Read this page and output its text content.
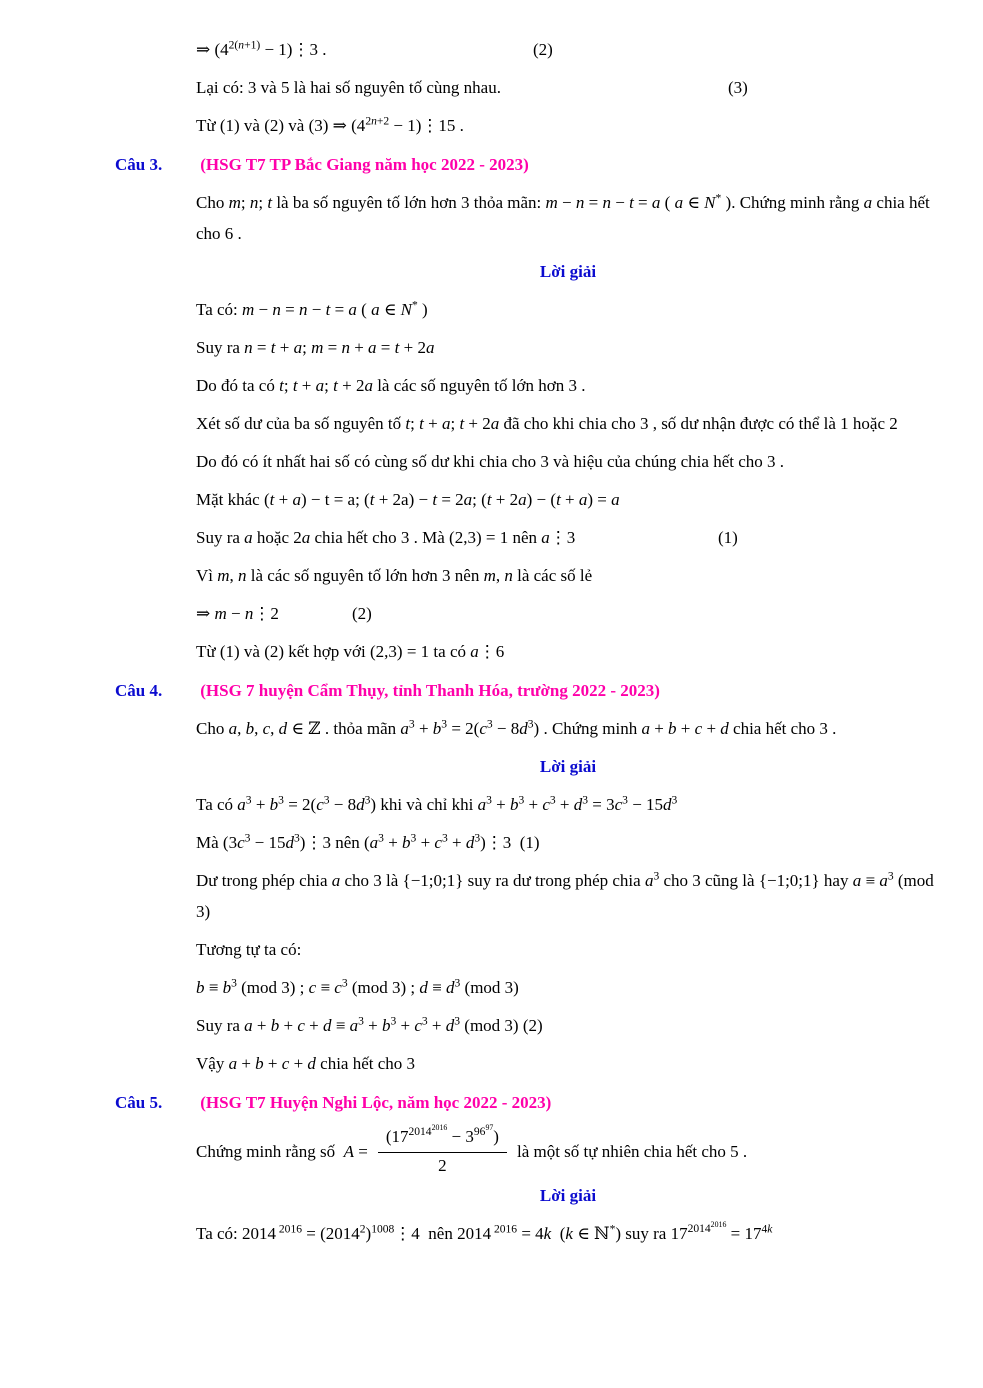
⇒ ($4^{2(n+1)}$ − 1)⋮3 .	(2)
Lại có: 3 và 5 là hai số nguyên tố cùng nhau.	(3)
Từ (1) và (2) và (3) ⇒ ($4^{2n+2}$ − 1)⋮15 .
Câu 3. (HSG T7 TP Bắc Giang năm học 2022 - 2023)
Cho m; n; t là ba số nguyên tố lớn hơn 3 thỏa mãn: m − n = n − t = a ( a ∈ N* ). Chứng minh rằng a chia hết cho 6 .
Lời giải
Ta có: m − n = n − t = a ( a ∈ N* )
Suy ra n = t + a; m = n + a = t + 2a
Do đó ta có t; t + a; t + 2a là các số nguyên tố lớn hơn 3 .
Xét số dư của ba số nguyên tố t; t + a; t + 2a đã cho khi chia cho 3 , số dư nhận được có thể là 1 hoặc 2
Do đó có ít nhất hai số có cùng số dư khi chia cho 3 và hiệu của chúng chia hết cho 3 .
Mặt khác (t + a) − t = a; (t + 2a) − t = 2a; (t + 2a) − (t + a) = a
Suy ra a hoặc 2a chia hết cho 3 . Mà (2,3) = 1 nên a⋮3	(1)
Vì m, n là các số nguyên tố lớn hơn 3 nên m, n là các số lẻ
⇒ m − n⋮2	(2)
Từ (1) và (2) kết hợp với (2,3) = 1 ta có a⋮6
Câu 4. (HSG 7 huyện Cẩm Thụy, tỉnh Thanh Hóa, trường 2022 - 2023)
Cho a, b, c, d ∈ ℤ . thỏa mãn $a^3 + b^3 = 2(c^3 - 8d^3)$ . Chứng minh a + b + c + d chia hết cho 3 .
Lời giải
Ta có $a^3 + b^3 = 2(c^3 - 8d^3)$ khi và chỉ khi $a^3 + b^3 + c^3 + d^3 = 3c^3 - 15d^3$
Mà ($3c^3$ − $15d^3)⋮3$ nên ($a^3 + b^3 + c^3$ + $d^3)⋮3$  (1)
Dư trong phép chia a cho 3 là {−1;0;1} suy ra dư trong phép chia $a^3$ cho 3 cũng là {−1;0;1} hay $a \equiv a^3$ (mod 3)
Tương tự ta có:
$b \equiv b^3$ (mod 3) ; $c \equiv c^3$ (mod 3) ; $d \equiv d^3$ (mod 3)
Suy ra $a + b + c + d \equiv a^3 + b^3 + c^3 + d^3$ (mod 3) (2)
Vậy a + b + c + d chia hết cho 3
Câu 5. (HSG T7 Huyện Nghi Lộc, năm học 2022 - 2023)
Chứng minh rằng số  $A = \frac{(17^{2014^{2016}} - 3^{96^{97}})}{2}$ là một số tự nhiên chia hết cho 5 .
Lời giải
Ta có: 2014 $^{2016} = (2014^2)^{1008}⋮4$  nên 2014 $^{2016}$ = 4k  (k ∈ ℕ*) suy ra $17^{2014^{2016}} = 17^{4k}$
